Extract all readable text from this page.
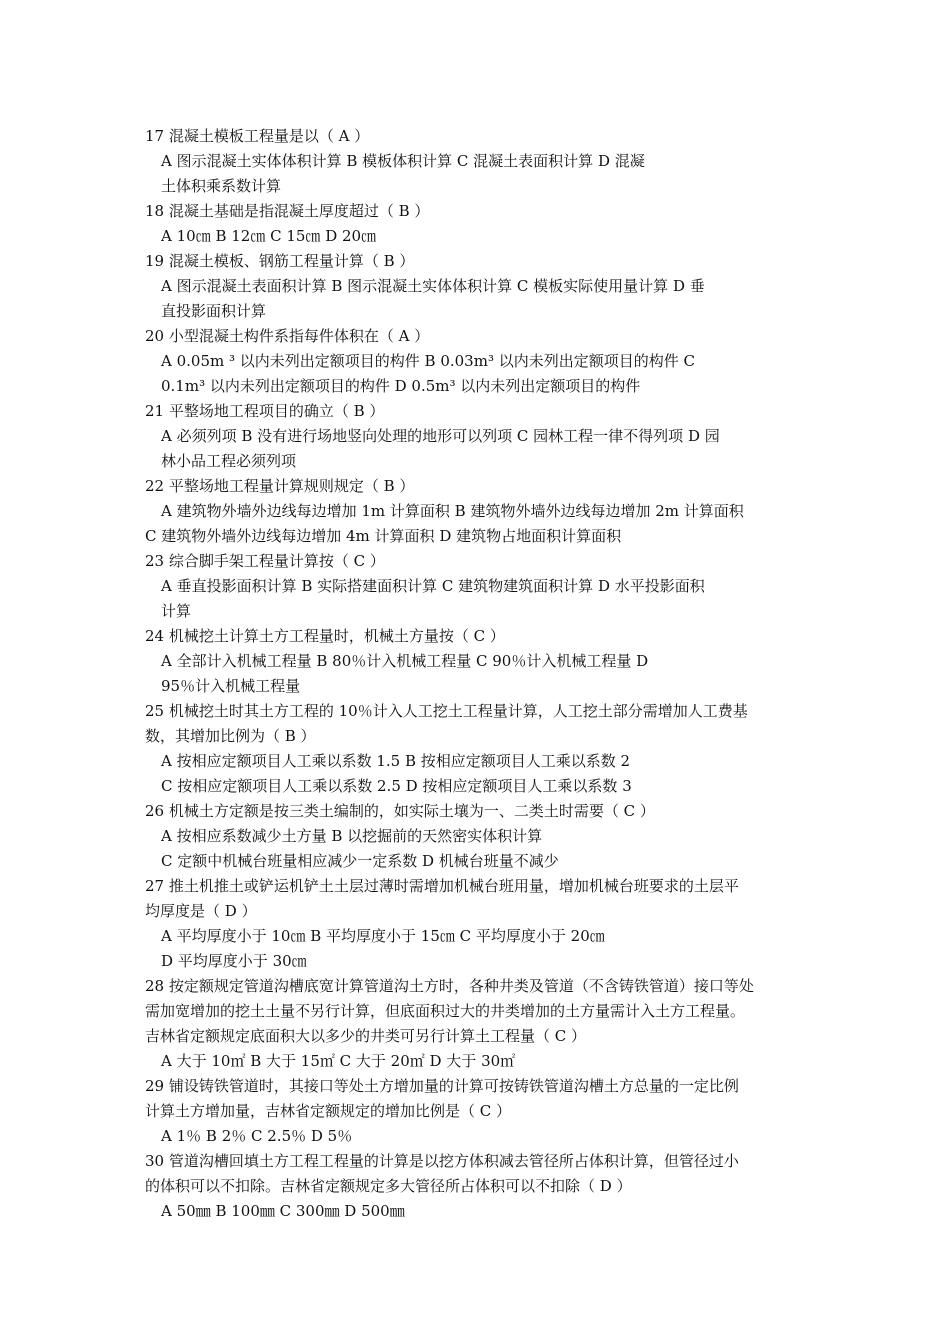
17 混凝土模板工程量是以（ A ）
A 图示混凝土实体体积计算 B 模板体积计算 C 混凝土表面积计算 D 混凝
土体积乘系数计算
18 混凝土基础是指混凝土厚度超过（ B ）
A 10㎝ B 12㎝ C 15㎝ D 20㎝
19 混凝土模板、钢筋工程量计算（ B ）
A 图示混凝土表面积计算 B 图示混凝土实体体积计算 C 模板实际使用量计算 D 垂
直投影面积计算
20 小型混凝土构件系指每件体积在（ A ）
A 0.05m ³ 以内未列出定额项目的构件 B 0.03m³ 以内未列出定额项目的构件 C
0.1m³ 以内未列出定额项目的构件 D 0.5m³ 以内未列出定额项目的构件
21 平整场地工程项目的确立（ B ）
A 必须列项 B 没有进行场地竖向处理的地形可以列项 C 园林工程一律不得列项 D 园
林小品工程必须列项
22 平整场地工程量计算规则规定（ B ）
A 建筑物外墙外边线每边增加 1m 计算面积 B 建筑物外墙外边线每边增加 2m 计算面积
C 建筑物外墙外边线每边增加 4m 计算面积 D 建筑物占地面积计算面积
23 综合脚手架工程量计算按（ C ）
A 垂直投影面积计算 B 实际搭建面积计算 C 建筑物建筑面积计算 D 水平投影面积
计算
24 机械挖土计算土方工程量时，机械土方量按（ C ）
A 全部计入机械工程量 B 80％计入机械工程量 C 90％计入机械工程量 D
95％计入机械工程量
25 机械挖土时其土方工程的 10％计入人工挖土工程量计算，人工挖土部分需增加人工费基
数，其增加比例为（ B ）
A 按相应定额项目人工乘以系数 1.5 B 按相应定额项目人工乘以系数 2
C 按相应定额项目人工乘以系数 2.5 D 按相应定额项目人工乘以系数 3
26 机械土方定额是按三类土编制的，如实际土壤为一、二类土时需要（ C ）
A 按相应系数减少土方量 B 以挖掘前的天然密实体积计算
C 定额中机械台班量相应减少一定系数 D 机械台班量不减少
27 推土机推土或铲运机铲土土层过薄时需增加机械台班用量，增加机械台班要求的土层平
均厚度是（ D ）
A 平均厚度小于 10㎝ B 平均厚度小于 15㎝ C 平均厚度小于 20㎝
D 平均厚度小于 30㎝
28 按定额规定管道沟槽底宽计算管道沟土方时，各种井类及管道（不含铸铁管道）接口等处
需加宽增加的挖土土量不另行计算，但底面积过大的井类增加的土方量需计入土方工程量。
吉林省定额规定底面积大以多少的井类可另行计算土工程量（ C ）
A 大于 10㎡ B 大于 15㎡ C 大于 20㎡ D 大于 30㎡
29 铺设铸铁管道时，其接口等处土方增加量的计算可按铸铁管道沟槽土方总量的一定比例
计算土方增加量，吉林省定额规定的增加比例是（ C ）
A 1％ B 2％ C 2.5％ D 5％
30 管道沟槽回填土方工程工程量的计算是以挖方体积减去管径所占体积计算，但管径过小
的体积可以不扣除。吉林省定额规定多大管径所占体积可以不扣除（ D ）
A 50㎜ B 100㎜ C 300㎜ D 500㎜
